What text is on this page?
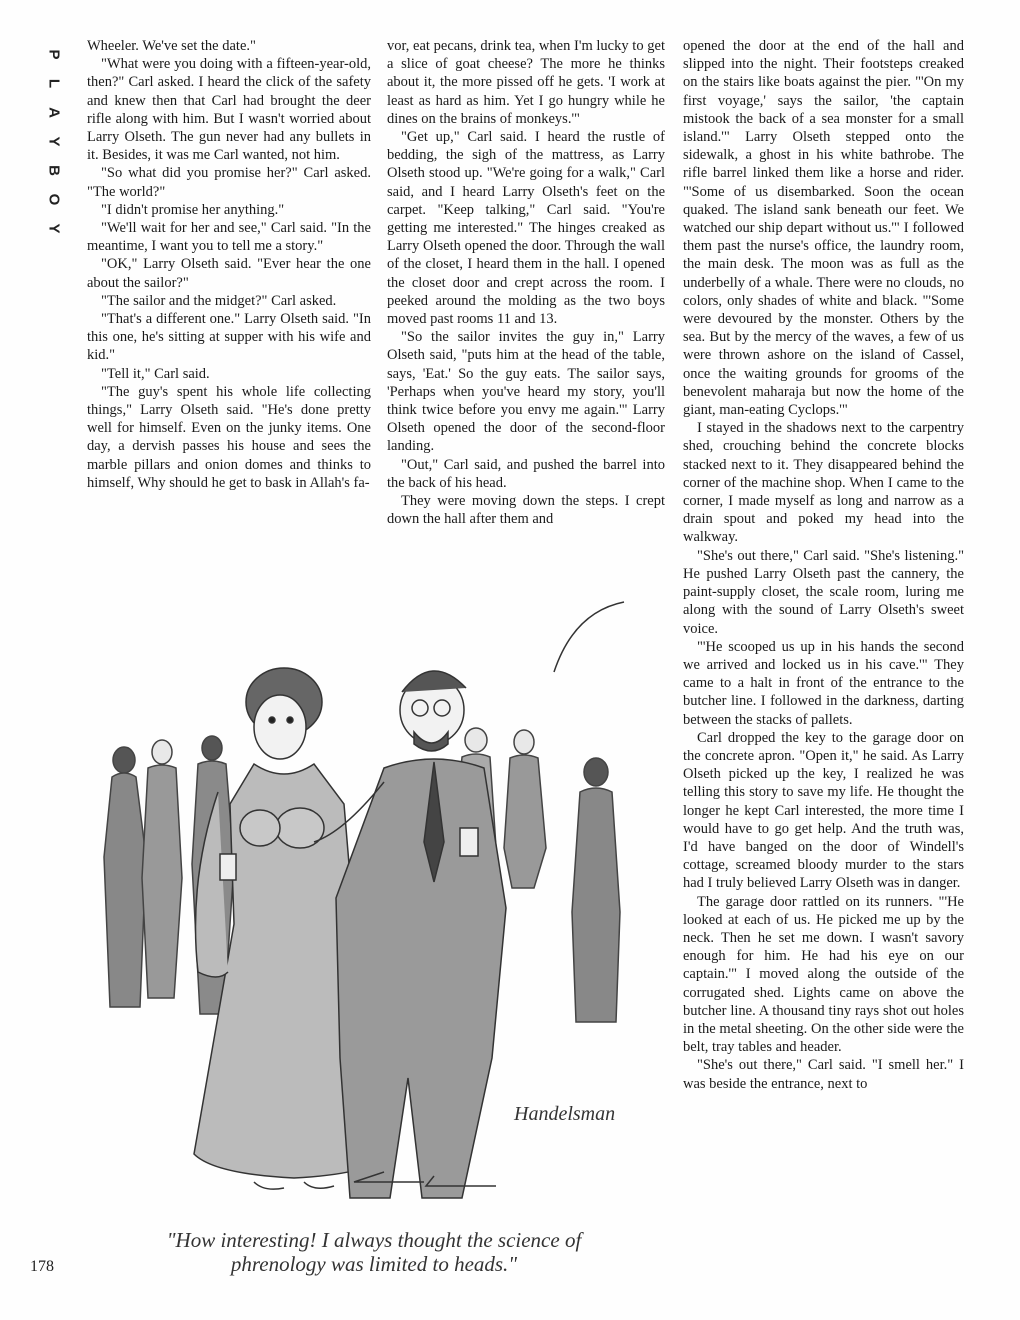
P
L
A
Y
B
O
Y

Wheeler. We've set the date."

"What were you doing with a fifteen-year-old, then?" Carl asked. I heard the click of the safety and knew then that Carl had brought the deer rifle along with him. But I wasn't worried about Larry Olseth. The gun never had any bullets in it. Besides, it was me Carl wanted, not him.

"So what did you promise her?" Carl asked. "The world?"

"I didn't promise her anything."

"We'll wait for her and see," Carl said. "In the meantime, I want you to tell me a story."

"OK," Larry Olseth said. "Ever hear the one about the sailor?"

"The sailor and the midget?" Carl asked.

"That's a different one." Larry Olseth said. "In this one, he's sitting at supper with his wife and kid."

"Tell it," Carl said.

"The guy's spent his whole life collecting things," Larry Olseth said. "He's done pretty well for himself. Even on the junky items. One day, a dervish passes his house and sees the marble pillars and onion domes and thinks to himself, Why should he get to bask in Allah's fa-

vor, eat pecans, drink tea, when I'm lucky to get a slice of goat cheese? The more he thinks about it, the more pissed off he gets. 'I work at least as hard as him. Yet I go hungry while he dines on the brains of monkeys.'"

"Get up," Carl said. I heard the rustle of bedding, the sigh of the mattress, as Larry Olseth stood up. "We're going for a walk," Carl said, and I heard Larry Olseth's feet on the carpet. "Keep talking," Carl said. "You're getting me interested." The hinges creaked as Larry Olseth opened the door. Through the wall of the closet, I heard them in the hall. I opened the closet door and crept across the room. I peeked around the molding as the two boys moved past rooms 11 and 13.

"So the sailor invites the guy in," Larry Olseth said, "puts him at the head of the table, says, 'Eat.' So the guy eats. The sailor says, 'Perhaps when you've heard my story, you'll think twice before you envy me again.'" Larry Olseth opened the door of the second-floor landing.

"Out," Carl said, and pushed the barrel into the back of his head.

They were moving down the steps. I crept down the hall after them and

opened the door at the end of the hall and slipped into the night. Their footsteps creaked on the stairs like boats against the pier. "'On my first voyage,' says the sailor, 'the captain mistook the back of a sea monster for a small island.'" Larry Olseth stepped onto the sidewalk, a ghost in his white bathrobe. The rifle barrel linked them like a horse and rider. "'Some of us disembarked. Soon the ocean quaked. The island sank beneath our feet. We watched our ship depart without us.'" I followed them past the nurse's office, the laundry room, the main desk. The moon was as full as the underbelly of a whale. There were no clouds, no colors, only shades of white and black. "'Some were devoured by the monster. Others by the sea. But by the mercy of the waves, a few of us were thrown ashore on the island of Cassel, once the waiting grounds for grooms of the benevolent maharaja but now the home of the giant, man-eating Cyclops.'"

I stayed in the shadows next to the carpentry shed, crouching behind the concrete blocks stacked next to it. They disappeared behind the corner of the machine shop. When I came to the corner, I made myself as long and narrow as a drain spout and poked my head into the walkway.

"She's out there," Carl said. "She's listening." He pushed Larry Olseth past the cannery, the paint-supply closet, the scale room, luring me along with the sound of Larry Olseth's sweet voice.

"'He scooped us up in his hands the second we arrived and locked us in his cave.'" They came to a halt in front of the entrance to the butcher line. I followed in the darkness, darting between the stacks of pallets.

Carl dropped the key to the garage door on the concrete apron. "Open it," he said. As Larry Olseth picked up the key, I realized he was telling this story to save my life. He thought the longer he kept Carl interested, the more time I would have to go get help. And the truth was, I'd have banged on the door of Windell's cottage, screamed bloody murder to the stars had I truly believed Larry Olseth was in danger.

The garage door rattled on its runners. "'He looked at each of us. He picked me up by the neck. Then he set me down. I wasn't savory enough for him. He had his eye on our captain.'" I moved along the outside of the corrugated shed. Lights came on above the butcher line. A thousand tiny rays shot out holes in the metal sheeting. On the other side were the belt, tray tables and header.

"She's out there," Carl said. "I smell her." I was beside the entrance, next to

Handelsman
"How interesting! I always thought the science of
phrenology was limited to heads."
178
